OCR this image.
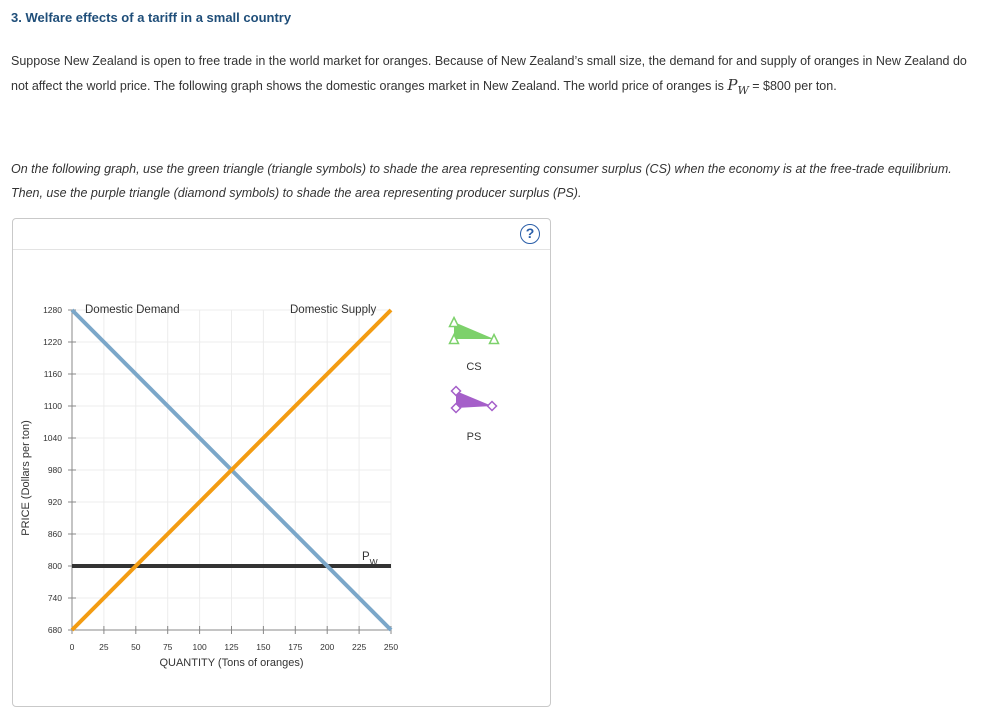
3. Welfare effects of a tariff in a small country
Suppose New Zealand is open to free trade in the world market for oranges. Because of New Zealand’s small size, the demand for and supply of oranges in New Zealand do not affect the world price. The following graph shows the domestic oranges market in New Zealand. The world price of oranges is $P_W$ = $800 per ton.
On the following graph, use the green triangle (triangle symbols) to shade the area representing consumer surplus (CS) when the economy is at the free-trade equilibrium. Then, use the purple triangle (diamond symbols) to shade the area representing producer surplus (PS).
?
680
740
800
860
920
980
1040
1100
1160
1220
1280
0	25	50	75 100 125 150 175 200 225 250
QUANTITY (Tons of oranges)
PRICE (Dollars per ton)
$P_W$
Domestic Demand	Domestic Supply
CS
PS
